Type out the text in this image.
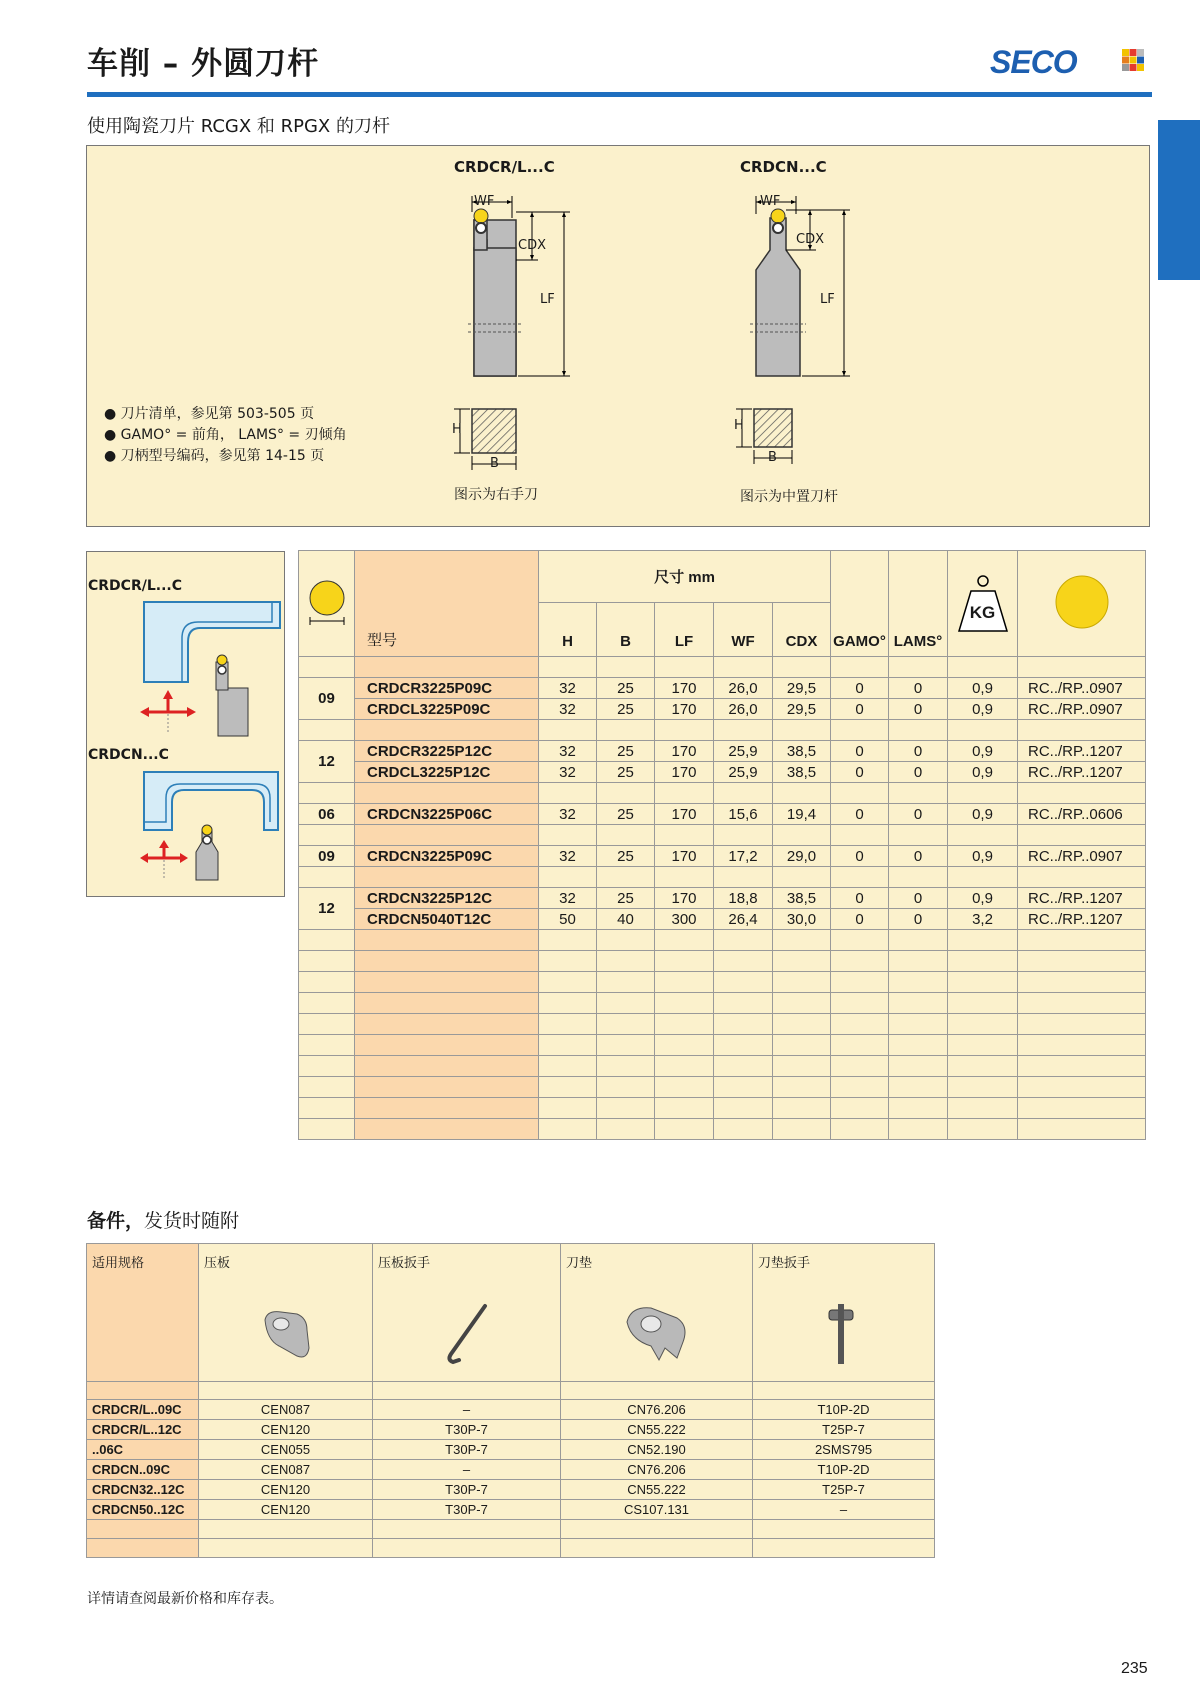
车削 – 外圆刀杆	SECO
使用陶瓷刀片 RCGX 和 RPGX 的刀杆
CRDCR/L...C	CRDCN...C
WF
CDX
LF
WF
CDX
LF
H
B
H
B
图示为右手刀	图示为中置刀杆
● 刀片清单，参见第 503-505 页
● GAMO° = 前角， LAMS° = 刃倾角
● 刀柄型号编码，参见第 14-15 页
CRDCR/L...C
CRDCN...C
	型号	尺寸 mm					GAMO°	LAMS°	KG

		H	B	LF	WF	CDX				

09	CRDCR3225P09C	32	25	170	26,0	29,5	0	0	0,9	RC../RP..0907
	CRDCL3225P09C	32	25	170	26,0	29,5	0	0	0,9	RC../RP..0907

12	CRDCR3225P12C	32	25	170	25,9	38,5	0	0	0,9	RC../RP..1207
	CRDCL3225P12C	32	25	170	25,9	38,5	0	0	0,9	RC../RP..1207

06	CRDCN3225P06C	32	25	170	15,6	19,4	0	0	0,9	RC../RP..0606

09	CRDCN3225P09C	32	25	170	17,2	29,0	0	0	0,9	RC../RP..0907

12	CRDCN3225P12C	32	25	170	18,8	38,5	0	0	0,9	RC../RP..1207
	CRDCN5040T12C	50	40	300	26,4	30,0	0	0	3,2	RC../RP..1207

备件，发货时随附
适用规格	压板	压板扳手	刀垫	刀垫扳手

CRDCR/L..09C	CEN087	–	CN76.206	T10P-2D
CRDCR/L..12C	CEN120	T30P-7	CN55.222	T25P-7
..06C	CEN055	T30P-7	CN52.190	2SMS795
CRDCN..09C	CEN087	–	CN76.206	T10P-2D
CRDCN32..12C	CEN120	T30P-7	CN55.222	T25P-7
CRDCN50..12C	CEN120	T30P-7	CS107.131	–

详情请查阅最新价格和库存表。
235
